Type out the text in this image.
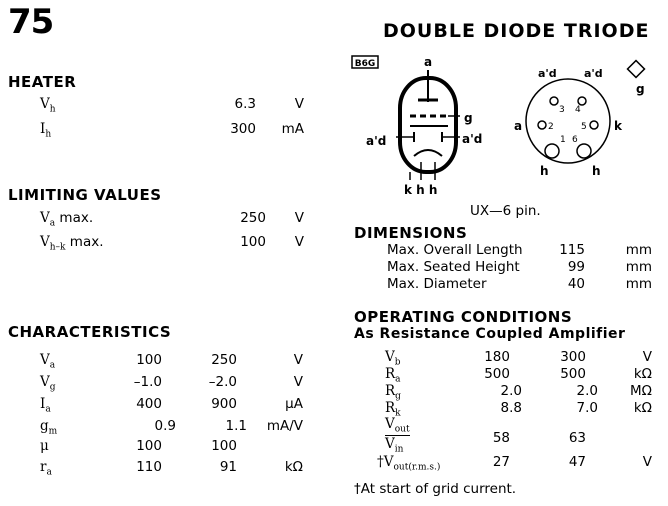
75	DOUBLE DIODE TRIODE
HEATER
$V_h$	6.3	V
$I_h$	300	mA
LIMITING VALUES
$V_a$ max.	250	V
$V_{h-k}$ max.	100	V
CHARACTERISTICS
$V_a$	100	250	V
$V_g$	–1.0	–2.0	V
$I_a$	400	900	μA
$g_m$	0.9	1.1	mA/V
μ	100	100
$r_a$	110	91	kΩ
B6G	a
g
a'd	a'd
k h h
3 4
2	5
1 6
a	k
a'd a'd
h	h
g
UX—6 pin.
DIMENSIONS
Max. Overall Length	115	mm
Max. Seated Height	99	mm
Max. Diameter	40	mm
OPERATING CONDITIONS
As Resistance Coupled Amplifier
$V_b$	180	300	V
$R_a$	500	500	kΩ
$R_g$	2.0	2.0	MΩ
$R_k$	8.8	7.0	kΩ
$\frac{V_{out}}{V_{in}}$	58	63
$\dagger V_{out(r.m.s.)}$	27	47	V
†At start of grid current.
